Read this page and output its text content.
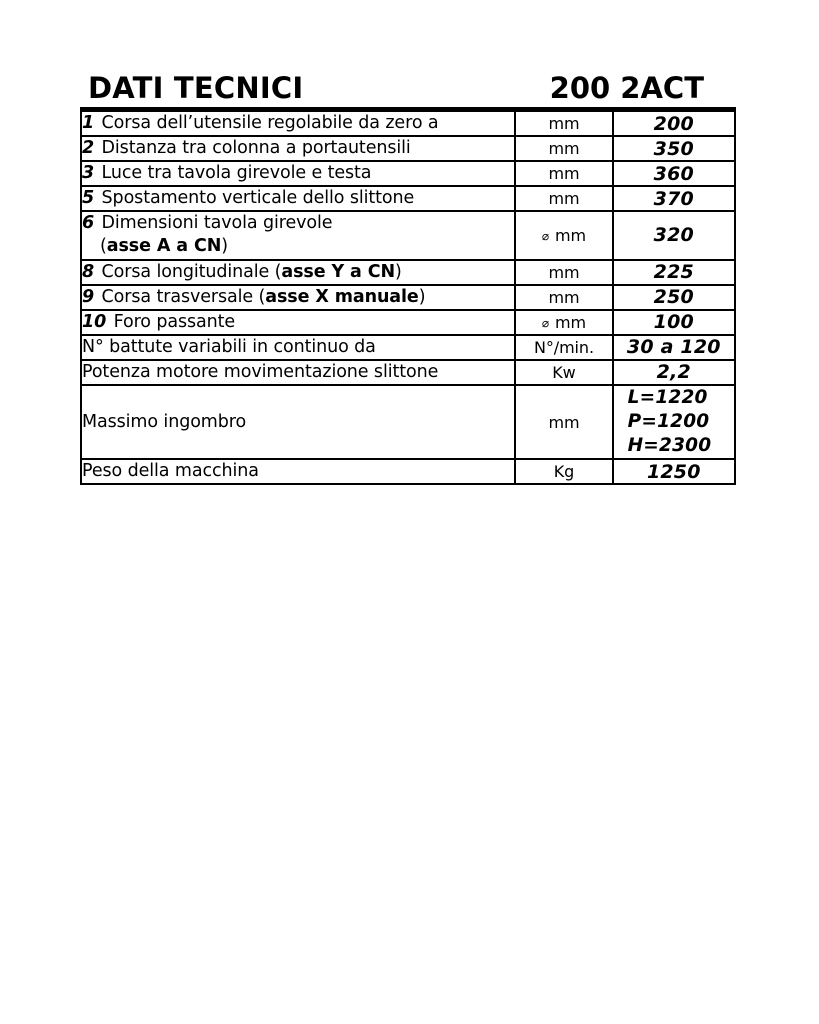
DATI TECNICI	200 2ACT
1 Corsa dell’utensile regolabile da zero a	mm	200
2 Distanza tra colonna a portautensili	mm	350
3 Luce tra tavola girevole e testa	mm	360
5 Spostamento verticale dello slittone	mm	370
6 Dimensioni tavola girevole
(asse A a CN)	⌀ mm	320
8 Corsa longitudinale (asse Y a CN)	mm	225
9 Corsa trasversale (asse X manuale)	mm	250
10 Foro passante	⌀ mm	100
N° battute variabili in continuo da	N°/min.	30 a 120
Potenza motore movimentazione slittone	Kw	2,2
Massimo ingombro	mm	L=1220
P=1200
H=2300

Peso della macchina	Kg	1250
